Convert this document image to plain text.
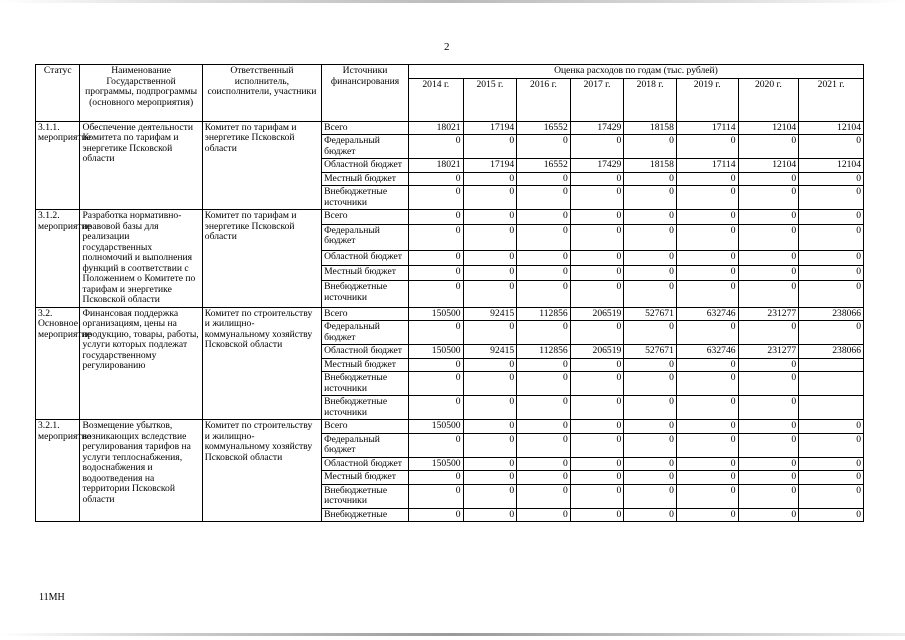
2
Статус	Наименование Государственной программы, подпрограммы (основного мероприятия)	Ответственный исполнитель, соисполнители, участники	Источники финансирования	Оценка расходов по годам (тыс. рублей)							
				2014 г.	2015 г.	2016 г.	2017 г.	2018 г.	2019 г.	2020 г.	2021 г.
3.1.1. мероприятие	Обеспечение деятельности Комитета по тарифам и энергетике Псковской области	Комитет по тарифам и энергетике Псковской области	Всего	18021	17194	16552	17429	18158	17114	12104	12104
			Федеральный бюджет	0	0	0	0	0	0	0	0
			Областной бюджет	18021	17194	16552	17429	18158	17114	12104	12104
			Местный бюджет	0	0	0	0	0	0	0	0
			Внебюджетные источники	0	0	0	0	0	0	0	0
3.1.2. мероприятие	Разработка нормативно-правовой базы для реализации государственных полномочий и выполнения функций в соответствии с Положением о Комитете по тарифам и энергетике Псковской области	Комитет по тарифам и энергетике Псковской области	Всего	0	0	0	0	0	0	0	0
			Федеральный бюджет	0	0	0	0	0	0	0	0
			Областной бюджет	0	0	0	0	0	0	0	0
			Местный бюджет	0	0	0	0	0	0	0	0
			Внебюджетные источники	0	0	0	0	0	0	0	0
3.2. Основное мероприятие	Финансовая поддержка организациям, цены на продукцию, товары, работы, услуги которых подлежат государственному регулированию	Комитет по строительству и жилищно-коммунальному хозяйству Псковской области	Всего	150500	92415	112856	206519	527671	632746	231277	238066
			Федеральный бюджет	0	0	0	0	0	0	0	0
			Областной бюджет	150500	92415	112856	206519	527671	632746	231277	238066
			Местный бюджет	0	0	0	0	0	0	0	
			Внебюджетные источники	0	0	0	0	0	0	0	
			Внебюджетные источники	0	0	0	0	0	0	0	
3.2.1. мероприятие	Возмещение убытков, возникающих вследствие регулирования тарифов на услуги теплоснабжения, водоснабжения и водоотведения на территории Псковской области	Комитет по строительству и жилищно-коммунальному хозяйству Псковской области	Всего	150500	0	0	0	0	0	0	0
			Федеральный бюджет	0	0	0	0	0	0	0	0
			Областной бюджет	150500	0	0	0	0	0	0	0
			Местный бюджет	0	0	0	0	0	0	0	0
			Внебюджетные источники	0	0	0	0	0	0	0	0
			Внебюджетные	0	0	0	0	0	0	0	0
11МН
